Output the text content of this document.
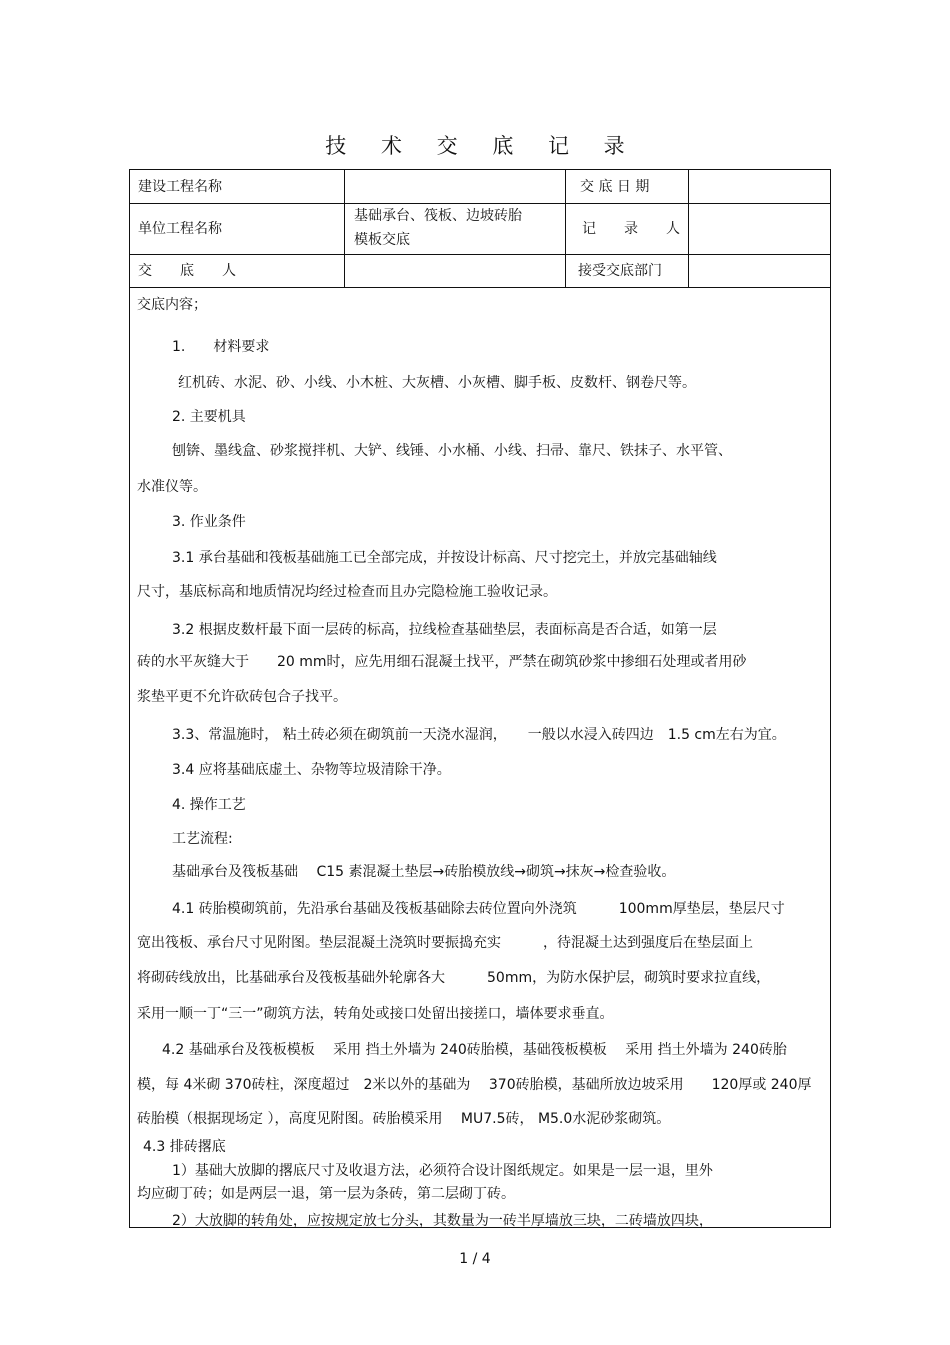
技 术 交 底 记 录
建设工程名称	交 底 日 期
单位工程名称
基础承台、筏板、边坡砖胎
模板交底
记　　录　　人
交　　底　　人	接受交底部门
交底内容；
1.　　材料要求
红机砖、水泥、砂、小线、小木桩、大灰槽、小灰槽、脚手板、皮数杆、钢卷尺等。
2. 主要机具
刨锛、墨线盒、砂浆搅拌机、大铲、线锤、小水桶、小线、扫帚、靠尺、铁抹子、水平管、
水准仪等。
3. 作业条件
3.1 承台基础和筏板基础施工已全部完成，并按设计标高、尺寸挖完土，并放完基础轴线
尺寸，基底标高和地质情况均经过检查而且办完隐检施工验收记录。
3.2 根据皮数杆最下面一层砖的标高，拉线检查基础垫层，表面标高是否合适，如第一层
砖的水平灰缝大于　　20 mm时，应先用细石混凝土找平，严禁在砌筑砂浆中掺细石处理或者用砂
浆垫平更不允许砍砖包合子找平。
3.3、常温施时， 粘土砖必须在砌筑前一天浇水湿润，　　一般以水浸入砖四边　1.5 cm左右为宜。
3.4 应将基础底虚土、杂物等垃圾清除干净。
4. 操作工艺
工艺流程:
基础承台及筏板基础　 C15 素混凝土垫层→砖胎模放线→砌筑→抹灰→检查验收。
4.1 砖胎模砌筑前，先沿承台基础及筏板基础除去砖位置向外浇筑　　　100mm厚垫层，垫层尺寸
宽出筏板、承台尺寸见附图。垫层混凝土浇筑时要振捣充实　　　，待混凝土达到强度后在垫层面上
将砌砖线放出，比基础承台及筏板基础外轮廓各大　　　50mm，为防水保护层，砌筑时要求拉直线，
采用一顺一丁“三一”砌筑方法，转角处或接口处留出接搓口，墙体要求垂直。
4.2 基础承台及筏板模板　 采用 挡土外墙为 240砖胎模，基础筏板模板　 采用 挡土外墙为 240砖胎
模，每 4米砌 370砖柱，深度超过　2米以外的基础为　 370砖胎模，基础所放边坡采用　　120厚或 240厚
砖胎模（根据现场定 ），高度见附图。砖胎模采用　 MU7.5砖， M5.0水泥砂浆砌筑。
4.3 排砖撂底
1）基础大放脚的撂底尺寸及收退方法，必须符合设计图纸规定。如果是一层一退，里外
均应砌丁砖；如是两层一退，第一层为条砖，第二层砌丁砖。
2）大放脚的转角处，应按规定放七分头，其数量为一砖半厚墙放三块，二砖墙放四块，
1 / 4
